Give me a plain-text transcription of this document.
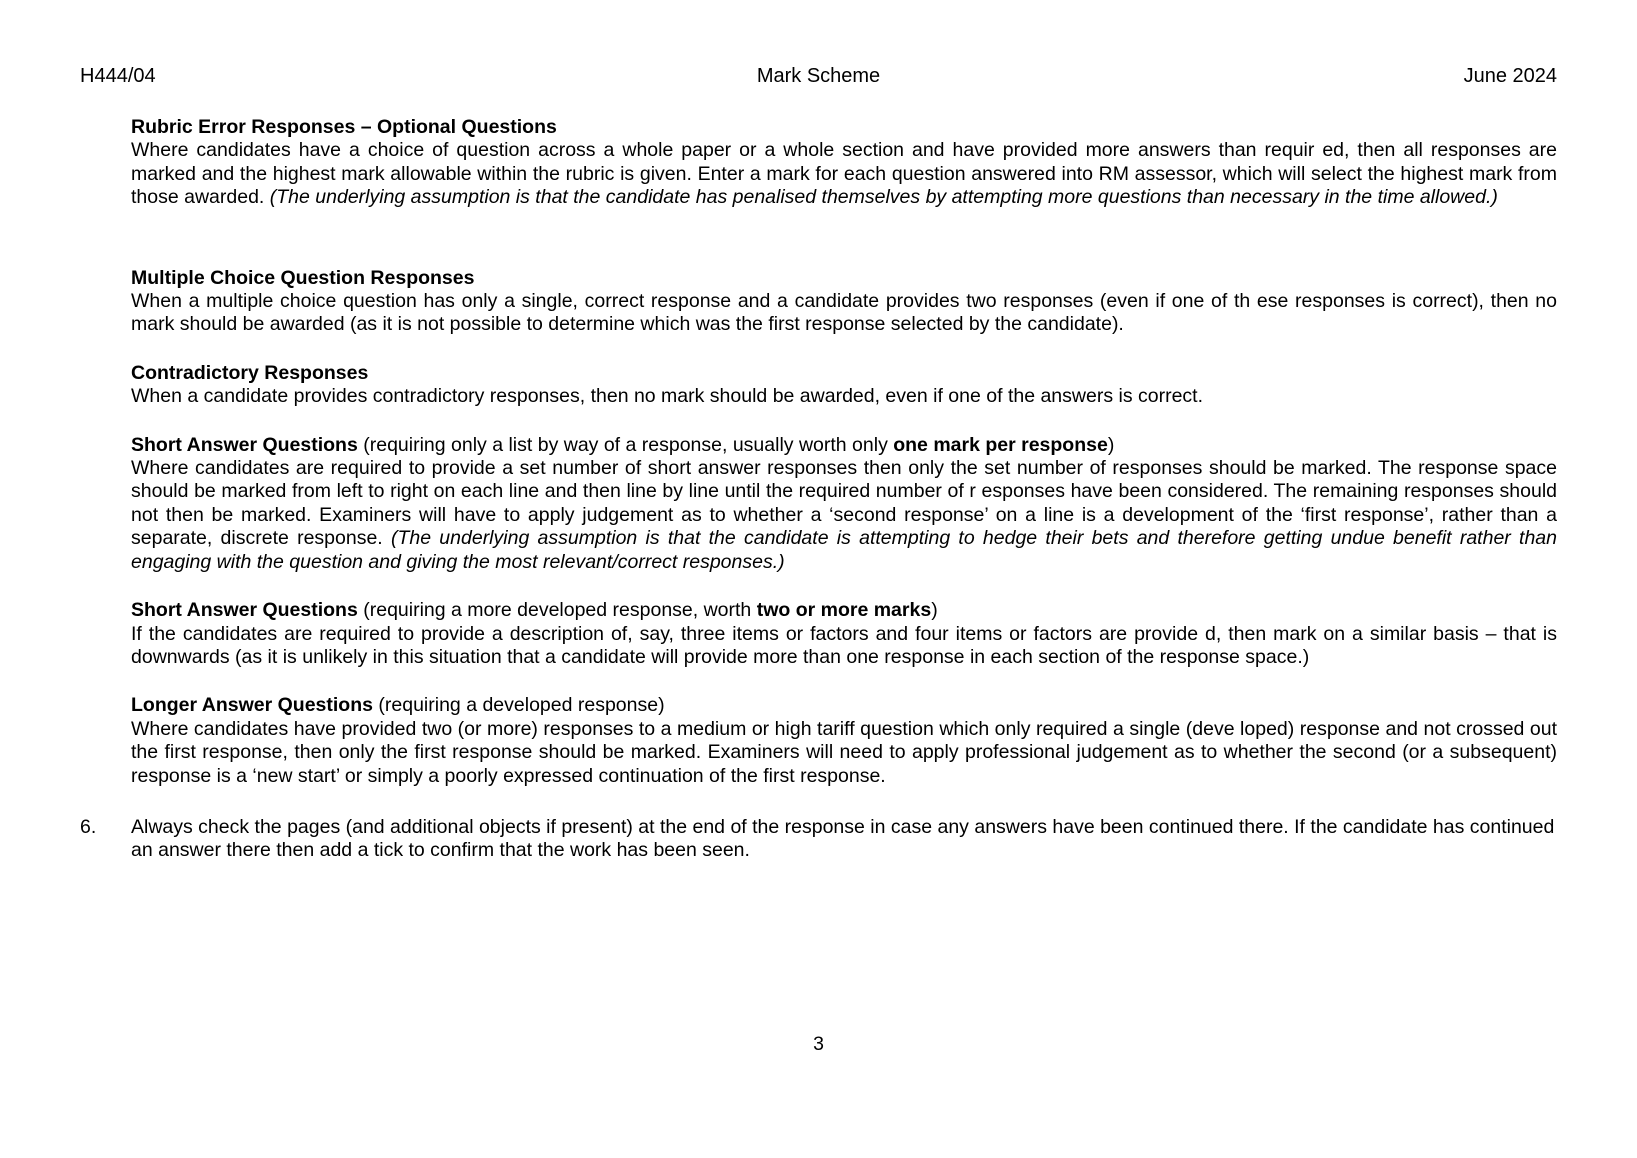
H444/04	Mark Scheme	June 2024
Rubric Error Responses – Optional Questions

Where candidates have a choice of question across a whole paper or a whole section and have provided more answers than requir ed, then all responses are marked and the highest mark allowable within the rubric is given. Enter a mark for each question answered into RM assessor, which will select the highest mark from those awarded. (The underlying assumption is that the candidate has penalised themselves by attempting more questions than necessary in the time allowed.)

Multiple Choice Question Responses

When a multiple choice question has only a single, correct response and a candidate provides two responses (even if one of th ese responses is correct), then no mark should be awarded (as it is not possible to determine which was the first response selected by the candidate).

Contradictory Responses

When a candidate provides contradictory responses, then no mark should be awarded, even if one of the answers is correct.

Short Answer Questions (requiring only a list by way of a response, usually worth only one mark per response)

Where candidates are required to provide a set number of short answer responses then only the set number of responses should be marked. The response space should be marked from left to right on each line and then line by line until the required number of r esponses have been considered. The remaining responses should not then be marked. Examiners will have to apply judgement as to whether a ‘second response’ on a line is a development of the ‘first response’, rather than a separate, discrete response. (The underlying assumption is that the candidate is attempting to hedge their bets and therefore getting undue benefit rather than engaging with the question and giving the most relevant/correct responses.)

Short Answer Questions (requiring a more developed response, worth two or more marks)

If the candidates are required to provide a description of, say, three items or factors and four items or factors are provide d, then mark on a similar basis – that is downwards (as it is unlikely in this situation that a candidate will provide more than one response in each section of the response space.)

Longer Answer Questions (requiring a developed response)

Where candidates have provided two (or more) responses to a medium or high tariff question which only required a single (deve loped) response and not crossed out the first response, then only the first response should be marked. Examiners will need to apply professional judgement as to whether the second (or a subsequent) response is a ‘new start’ or simply a poorly expressed continuation of the first response.

6. Always check the pages (and additional objects if present) at the end of the response in case any answers have been continued there. If the candidate has continued an answer there then add a tick to confirm that the work has been seen.

3
